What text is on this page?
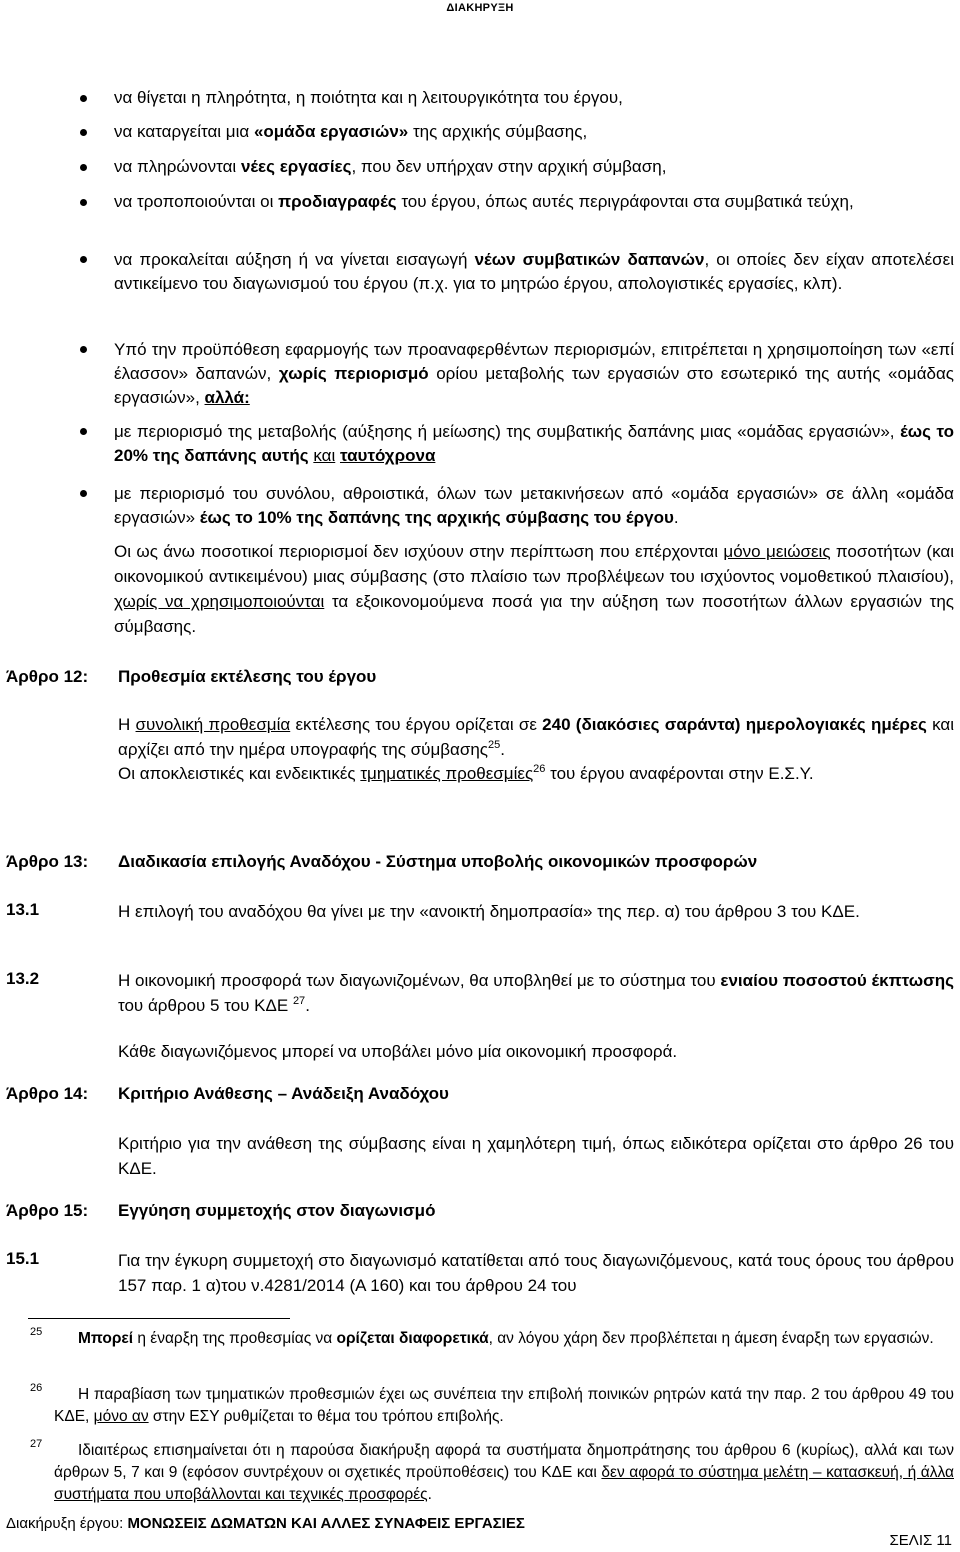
ΔΙΑΚΗΡΥΞΗ
να θίγεται η πληρότητα, η ποιότητα και η λειτουργικότητα του έργου,
να καταργείται μια «ομάδα εργασιών» της αρχικής σύμβασης,
να πληρώνονται νέες εργασίες, που δεν υπήρχαν στην αρχική σύμβαση,
να τροποποιούνται οι προδιαγραφές του έργου, όπως αυτές περιγράφονται στα συμβατικά τεύχη,
να προκαλείται αύξηση ή να γίνεται εισαγωγή νέων συμβατικών δαπανών, οι οποίες δεν είχαν αποτελέσει αντικείμενο του διαγωνισμού του έργου (π.χ. για το μητρώο έργου, απολογιστικές εργασίες, κλπ).
Υπό την προϋπόθεση εφαρμογής των προαναφερθέντων περιορισμών, επιτρέπεται η χρησιμοποίηση των «επί έλασσον» δαπανών, χωρίς περιορισμό ορίου μεταβολής των εργασιών στο εσωτερικό της αυτής «ομάδας εργασιών», αλλά:
με περιορισμό της μεταβολής (αύξησης ή μείωσης) της συμβατικής δαπάνης μιας «ομάδας εργασιών», έως το 20% της δαπάνης αυτής και ταυτόχρονα
με περιορισμό του συνόλου, αθροιστικά, όλων των μετακινήσεων από «ομάδα εργασιών» σε άλλη «ομάδα εργασιών» έως το 10% της δαπάνης της αρχικής σύμβασης του έργου.
Οι ως άνω ποσοτικοί περιορισμοί δεν ισχύουν στην περίπτωση που επέρχονται μόνο μειώσεις ποσοτήτων (και οικονομικού αντικειμένου) μιας σύμβασης (στο πλαίσιο των προβλέψεων του ισχύοντος νομοθετικού πλαισίου), χωρίς να χρησιμοποιούνται τα εξοικονομούμενα ποσά για την αύξηση των ποσοτήτων άλλων εργασιών της σύμβασης.
Άρθρο 12: Προθεσμία εκτέλεσης του έργου
Η συνολική προθεσμία εκτέλεσης του έργου ορίζεται σε 240 (διακόσιες σαράντα) ημερολογιακές ημέρες και αρχίζει από την ημέρα υπογραφής της σύμβασης$^{25}$.
Οι αποκλειστικές και ενδεικτικές τμηματικές προθεσμίες$^{26}$ του έργου αναφέρονται στην Ε.Σ.Υ.
Άρθρο 13: Διαδικασία επιλογής Αναδόχου - Σύστημα υποβολής οικονομικών προσφορών
13.1	Η επιλογή του αναδόχου θα γίνει με την «ανοικτή δημοπρασία» της περ. α) του άρθρου 3 του ΚΔΕ.
13.2	Η οικονομική προσφορά των διαγωνιζομένων, θα υποβληθεί με το σύστημα του ενιαίου ποσοστού έκπτωσης του άρθρου 5 του ΚΔΕ $^{27}$.
Κάθε διαγωνιζόμενος μπορεί να υποβάλει μόνο μία οικονομική προσφορά.
Άρθρο 14: Κριτήριο Ανάθεσης – Ανάδειξη Αναδόχου
Κριτήριο για την ανάθεση της σύμβασης είναι η χαμηλότερη τιμή, όπως ειδικότερα ορίζεται στο άρθρο 26 του ΚΔΕ.
Άρθρο 15: Εγγύηση συμμετοχής στον διαγωνισμό
15.1	Για την έγκυρη συμμετοχή στο διαγωνισμό κατατίθεται από τους διαγωνιζόμενους, κατά τους όρους του άρθρου 157 παρ. 1 α)του ν.4281/2014 (Α 160) και του άρθρου 24 του
25	Μπορεί η έναρξη της προθεσμίας να ορίζεται διαφορετικά, αν λόγου χάρη δεν προβλέπεται η άμεση έναρξη των εργασιών.
26	Η παραβίαση των τμηματικών προθεσμιών έχει ως συνέπεια την επιβολή ποινικών ρητρών κατά την παρ. 2 του άρθρου 49 του ΚΔΕ, μόνο αν στην ΕΣΥ ρυθμίζεται το θέμα του τρόπου επιβολής.
27	Ιδιαιτέρως επισημαίνεται ότι η παρούσα διακήρυξη αφορά τα συστήματα δημοπράτησης του άρθρου 6 (κυρίως), αλλά και των άρθρων 5, 7 και 9 (εφόσον συντρέχουν οι σχετικές προϋποθέσεις) του ΚΔΕ και δεν αφορά το σύστημα μελέτη – κατασκευή, ή άλλα συστήματα που υποβάλλονται και τεχνικές προσφορές.
Διακήρυξη έργου: ΜΟΝΩΣΕΙΣ ΔΩΜΑΤΩΝ ΚΑΙ ΑΛΛΕΣ ΣΥΝΑΦΕΙΣ ΕΡΓΑΣΙΕΣ
ΣΕΛΙΣ 11
